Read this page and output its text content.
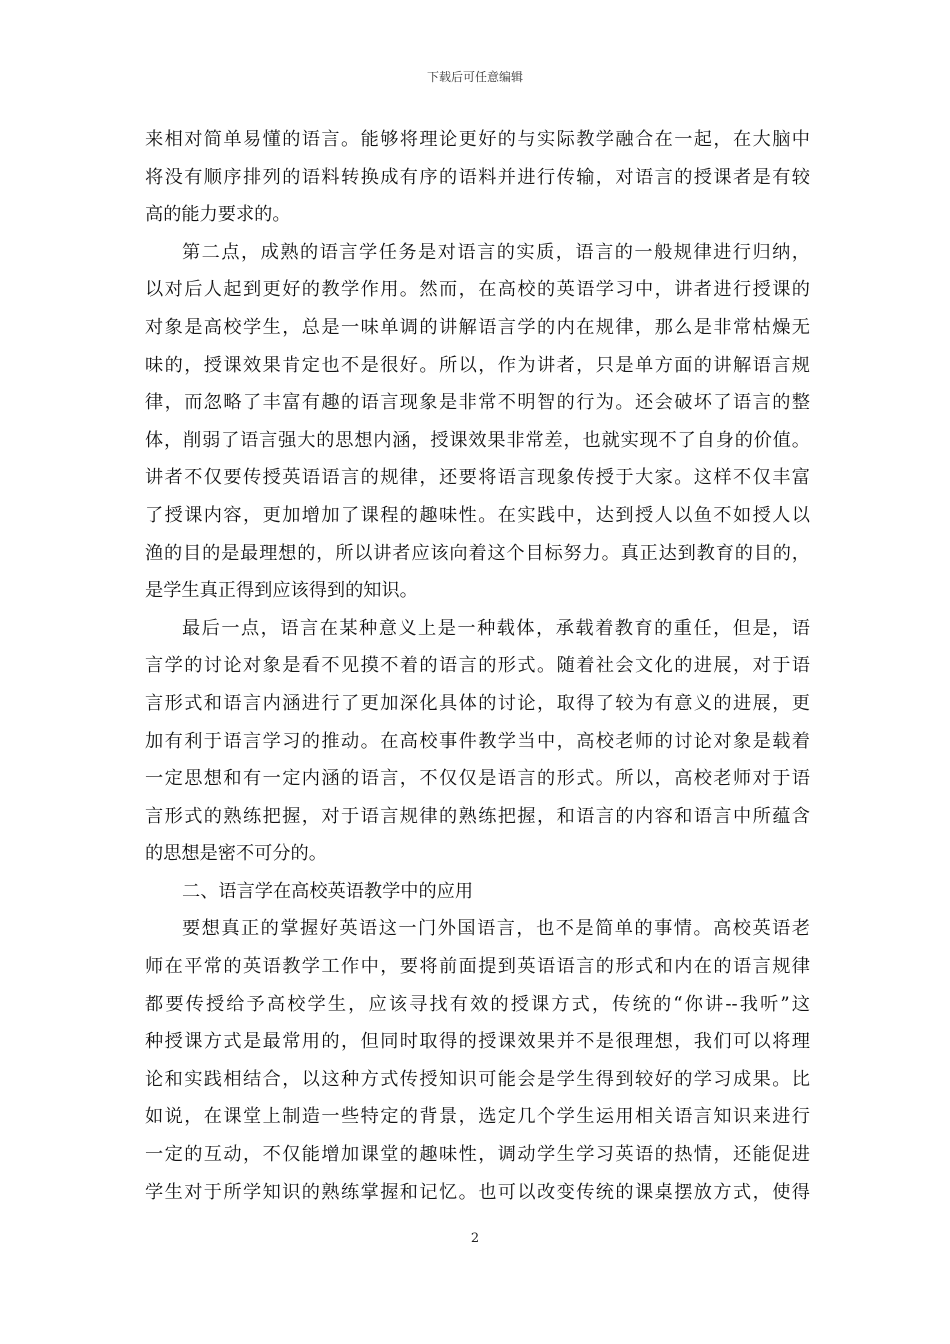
下载后可任意编辑
来相对简单易懂的语言。能够将理论更好的与实际教学融合在一起，在大脑中
将没有顺序排列的语料转换成有序的语料并进行传输，对语言的授课者是有较
高的能力要求的。
第二点，成熟的语言学任务是对语言的实质，语言的一般规律进行归纳，
以对后人起到更好的教学作用。然而，在高校的英语学习中，讲者进行授课的
对象是高校学生，总是一味单调的讲解语言学的内在规律，那么是非常枯燥无
味的，授课效果肯定也不是很好。所以，作为讲者，只是单方面的讲解语言规
律，而忽略了丰富有趣的语言现象是非常不明智的行为。还会破坏了语言的整
体，削弱了语言强大的思想内涵，授课效果非常差，也就实现不了自身的价值。
讲者不仅要传授英语语言的规律，还要将语言现象传授于大家。这样不仅丰富
了授课内容，更加增加了课程的趣味性。在实践中，达到授人以鱼不如授人以
渔的目的是最理想的，所以讲者应该向着这个目标努力。真正达到教育的目的，
是学生真正得到应该得到的知识。
最后一点，语言在某种意义上是一种载体，承载着教育的重任，但是，语
言学的讨论对象是看不见摸不着的语言的形式。随着社会文化的进展，对于语
言形式和语言内涵进行了更加深化具体的讨论，取得了较为有意义的进展，更
加有利于语言学习的推动。在高校事件教学当中，高校老师的讨论对象是载着
一定思想和有一定内涵的语言，不仅仅是语言的形式。所以，高校老师对于语
言形式的熟练把握，对于语言规律的熟练把握，和语言的内容和语言中所蕴含
的思想是密不可分的。
二、语言学在高校英语教学中的应用
要想真正的掌握好英语这一门外国语言，也不是简单的事情。高校英语老
师在平常的英语教学工作中，要将前面提到英语语言的形式和内在的语言规律
都要传授给予高校学生，应该寻找有效的授课方式，传统的“你讲--我听”这
种授课方式是最常用的，但同时取得的授课效果并不是很理想，我们可以将理
论和实践相结合，以这种方式传授知识可能会是学生得到较好的学习成果。比
如说，在课堂上制造一些特定的背景，选定几个学生运用相关语言知识来进行
一定的互动，不仅能增加课堂的趣味性，调动学生学习英语的热情，还能促进
学生对于所学知识的熟练掌握和记忆。也可以改变传统的课桌摆放方式，使得
2
